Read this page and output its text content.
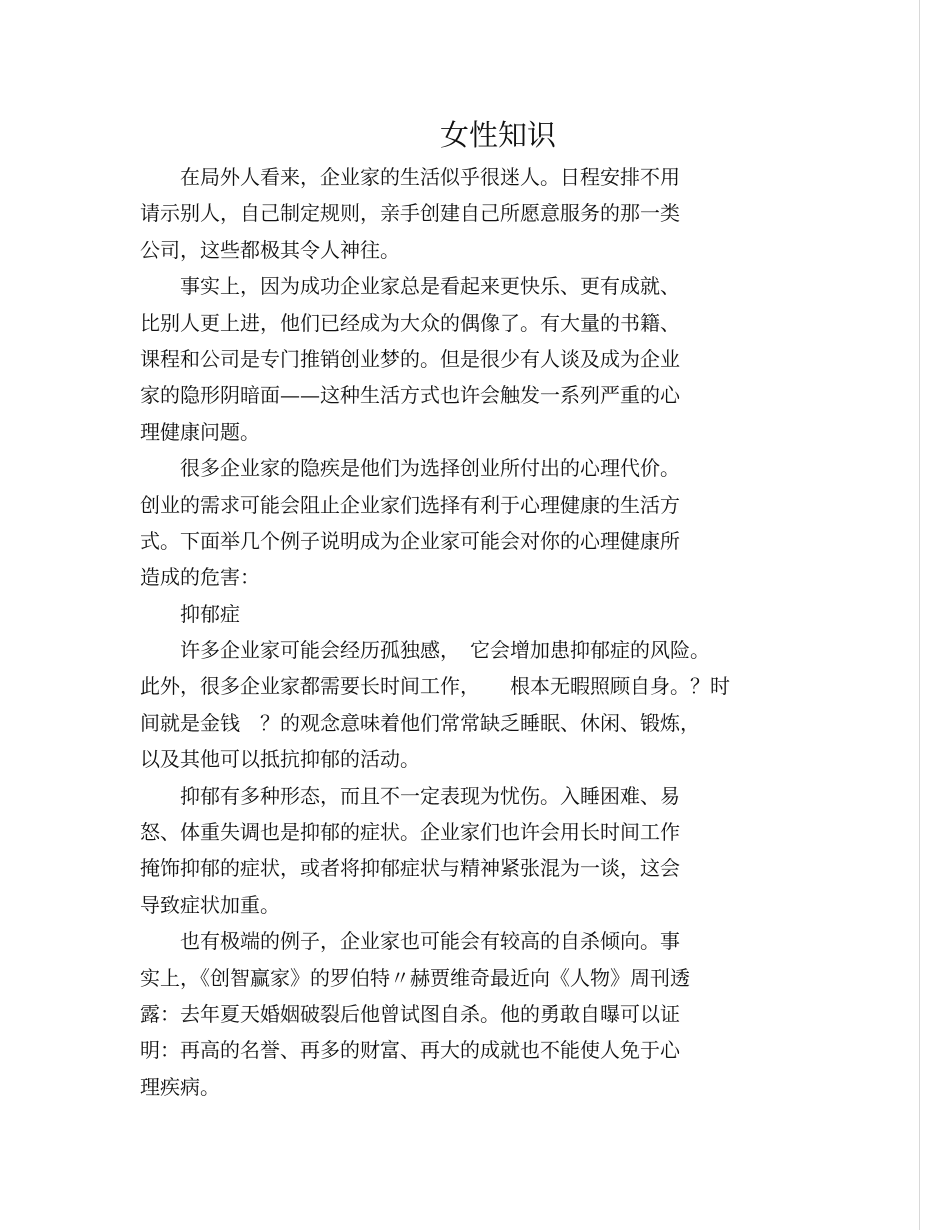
女性知识
　　在局外人看来，企业家的生活似乎很迷人。日程安排不用
请示别人，自己制定规则，亲手创建自己所愿意服务的那一类
公司，这些都极其令人神往。
　　事实上，因为成功企业家总是看起来更快乐、更有成就、
比别人更上进，他们已经成为大众的偶像了。有大量的书籍、
课程和公司是专门推销创业梦的。但是很少有人谈及成为企业
家的隐形阴暗面——这种生活方式也许会触发一系列严重的心
理健康问题。
　　很多企业家的隐疾是他们为选择创业所付出的心理代价。
创业的需求可能会阻止企业家们选择有利于心理健康的生活方
式。下面举几个例子说明成为企业家可能会对你的心理健康所
造成的危害：
　　抑郁症
　　许多企业家可能会经历孤独感，　它会增加患抑郁症的风险。
此外，很多企业家都需要长时间工作，　　根本无暇照顾自身。？时
间就是金钱　？的观念意味着他们常常缺乏睡眠、休闲、锻炼，
以及其他可以抵抗抑郁的活动。
　　抑郁有多种形态，而且不一定表现为忧伤。入睡困难、易
怒、体重失调也是抑郁的症状。企业家们也许会用长时间工作
掩饰抑郁的症状，或者将抑郁症状与精神紧张混为一谈，这会
导致症状加重。
　　也有极端的例子，企业家也可能会有较高的自杀倾向。事
实上，《创智赢家》的罗伯特〃赫贾维奇最近向《人物》周刊透
露：去年夏天婚姻破裂后他曾试图自杀。他的勇敢自曝可以证
明：再高的名誉、再多的财富、再大的成就也不能使人免于心
理疾病。
